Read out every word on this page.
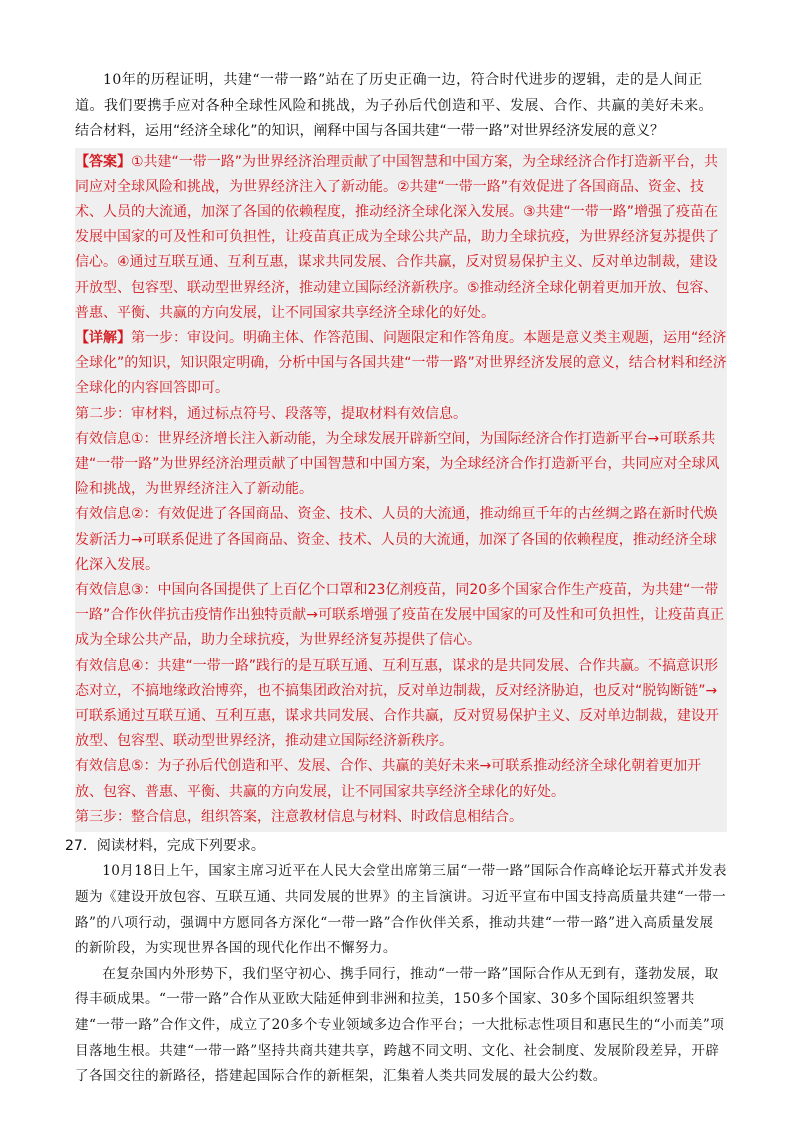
10年的历程证明，共建“一带一路”站在了历史正确一边，符合时代进步的逻辑，走的是人间正道。我们要携手应对各种全球性风险和挑战，为子孙后代创造和平、发展、合作、共赢的美好未来。

结合材料，运用“经济全球化”的知识，阐释中国与各国共建“一带一路”对世界经济发展的意义？

【答案】①共建“一带一路”为世界经济治理贡献了中国智慧和中国方案，为全球经济合作打造新平台，共同应对全球风险和挑战，为世界经济注入了新动能。②共建“一带一路”有效促进了各国商品、资金、技术、人员的大流通，加深了各国的依赖程度，推动经济全球化深入发展。③共建“一带一路”增强了疫苗在发展中国家的可及性和可负担性，让疫苗真正成为全球公共产品，助力全球抗疫，为世界经济复苏提供了信心。④通过互联互通、互利互惠，谋求共同发展、合作共赢，反对贸易保护主义、反对单边制裁，建设开放型、包容型、联动型世界经济，推动建立国际经济新秩序。⑤推动经济全球化朝着更加开放、包容、普惠、平衡、共赢的方向发展，让不同国家共享经济全球化的好处。

【详解】第一步：审设问。明确主体、作答范围、问题限定和作答角度。本题是意义类主观题，运用“经济全球化”的知识，知识限定明确，分析中国与各国共建“一带一路”对世界经济发展的意义，结合材料和经济全球化的内容回答即可。

第二步：审材料，通过标点符号、段落等，提取材料有效信息。

有效信息①：世界经济增长注入新动能，为全球发展开辟新空间，为国际经济合作打造新平台→可联系共建“一带一路”为世界经济治理贡献了中国智慧和中国方案，为全球经济合作打造新平台，共同应对全球风险和挑战，为世界经济注入了新动能。

有效信息②：有效促进了各国商品、资金、技术、人员的大流通，推动绵亘千年的古丝绸之路在新时代焕发新活力→可联系促进了各国商品、资金、技术、人员的大流通，加深了各国的依赖程度，推动经济全球化深入发展。

有效信息③：中国向各国提供了上百亿个口罩和23亿剂疫苗，同20多个国家合作生产疫苗，为共建“一带一路”合作伙伴抗击疫情作出独特贡献→可联系增强了疫苗在发展中国家的可及性和可负担性，让疫苗真正成为全球公共产品，助力全球抗疫，为世界经济复苏提供了信心。

有效信息④：共建“一带一路”践行的是互联互通、互利互惠，谋求的是共同发展、合作共赢。不搞意识形态对立，不搞地缘政治博弈，也不搞集团政治对抗，反对单边制裁，反对经济胁迫，也反对“脱钩断链”→可联系通过互联互通、互利互惠，谋求共同发展、合作共赢，反对贸易保护主义、反对单边制裁，建设开放型、包容型、联动型世界经济，推动建立国际经济新秩序。

有效信息⑤：为子孙后代创造和平、发展、合作、共赢的美好未来→可联系推动经济全球化朝着更加开放、包容、普惠、平衡、共赢的方向发展，让不同国家共享经济全球化的好处。

第三步：整合信息，组织答案，注意教材信息与材料、时政信息相结合。

27．阅读材料，完成下列要求。

10月18日上午，国家主席习近平在人民大会堂出席第三届“一带一路”国际合作高峰论坛开幕式并发表题为《建设开放包容、互联互通、共同发展的世界》的主旨演讲。习近平宣布中国支持高质量共建“一带一路”的八项行动，强调中方愿同各方深化“一带一路”合作伙伴关系，推动共建“一带一路”进入高质量发展的新阶段，为实现世界各国的现代化作出不懈努力。

在复杂国内外形势下，我们坚守初心、携手同行，推动“一带一路”国际合作从无到有，蓬勃发展，取得丰硕成果。“一带一路”合作从亚欧大陆延伸到非洲和拉美，150多个国家、30多个国际组织签署共建“一带一路”合作文件，成立了20多个专业领域多边合作平台；一大批标志性项目和惠民生的“小而美”项目落地生根。共建“一带一路”坚持共商共建共享，跨越不同文明、文化、社会制度、发展阶段差异，开辟了各国交往的新路径，搭建起国际合作的新框架，汇集着人类共同发展的最大公约数。
